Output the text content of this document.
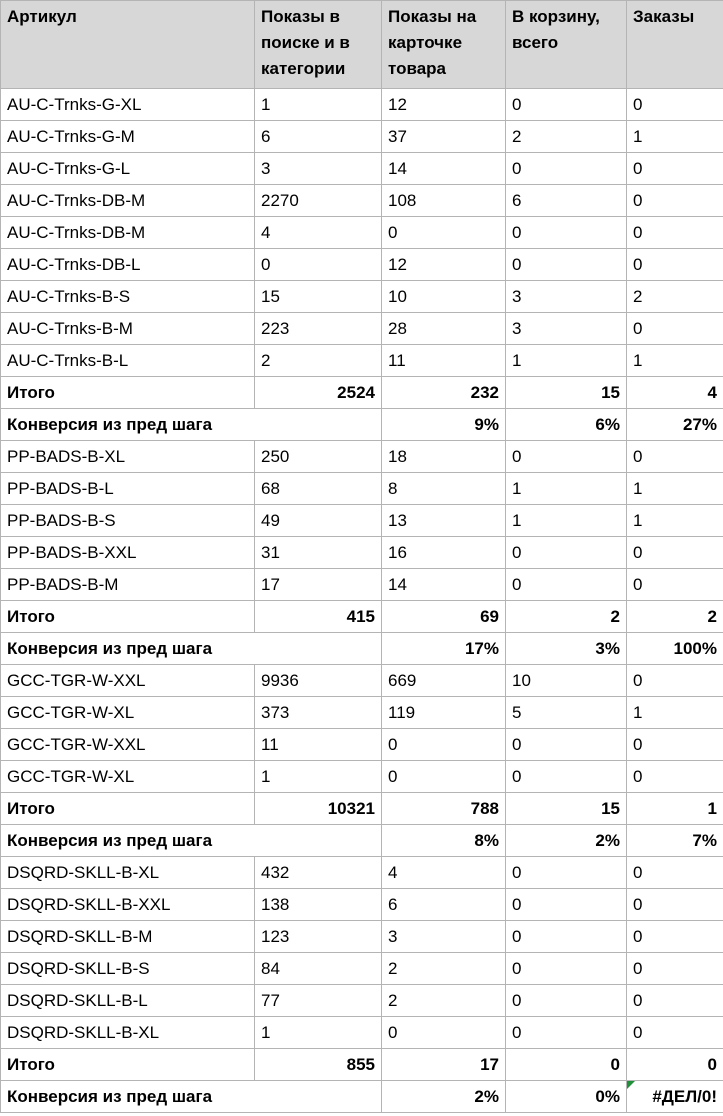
Артикул	Показы в поиске и в категории	Показы на карточке товара	В корзину, всего	Заказы
AU-C-Trnks-G-XL	1	12	0	0
AU-C-Trnks-G-M	6	37	2	1
AU-C-Trnks-G-L	3	14	0	0
AU-C-Trnks-DB-M	2270	108	6	0
AU-C-Trnks-DB-M	4	0	0	0
AU-C-Trnks-DB-L	0	12	0	0
AU-C-Trnks-B-S	15	10	3	2
AU-C-Trnks-B-M	223	28	3	0
AU-C-Trnks-B-L	2	11	1	1
Итого	2524	232	15	4
Конверсия из пред шага		9%	6%	27%
PP-BADS-B-XL	250	18	0	0
PP-BADS-B-L	68	8	1	1
PP-BADS-B-S	49	13	1	1
PP-BADS-B-XXL	31	16	0	0
PP-BADS-B-M	17	14	0	0
Итого	415	69	2	2
Конверсия из пред шага		17%	3%	100%
GCC-TGR-W-XXL	9936	669	10	0
GCC-TGR-W-XL	373	119	5	1
GCC-TGR-W-XXL	11	0	0	0
GCC-TGR-W-XL	1	0	0	0
Итого	10321	788	15	1
Конверсия из пред шага		8%	2%	7%
DSQRD-SKLL-B-XL	432	4	0	0
DSQRD-SKLL-B-XXL	138	6	0	0
DSQRD-SKLL-B-M	123	3	0	0
DSQRD-SKLL-B-S	84	2	0	0
DSQRD-SKLL-B-L	77	2	0	0
DSQRD-SKLL-B-XL	1	0	0	0
Итого	855	17	0	0
Конверсия из пред шага		2%	0%	#ДЕЛ/0!
